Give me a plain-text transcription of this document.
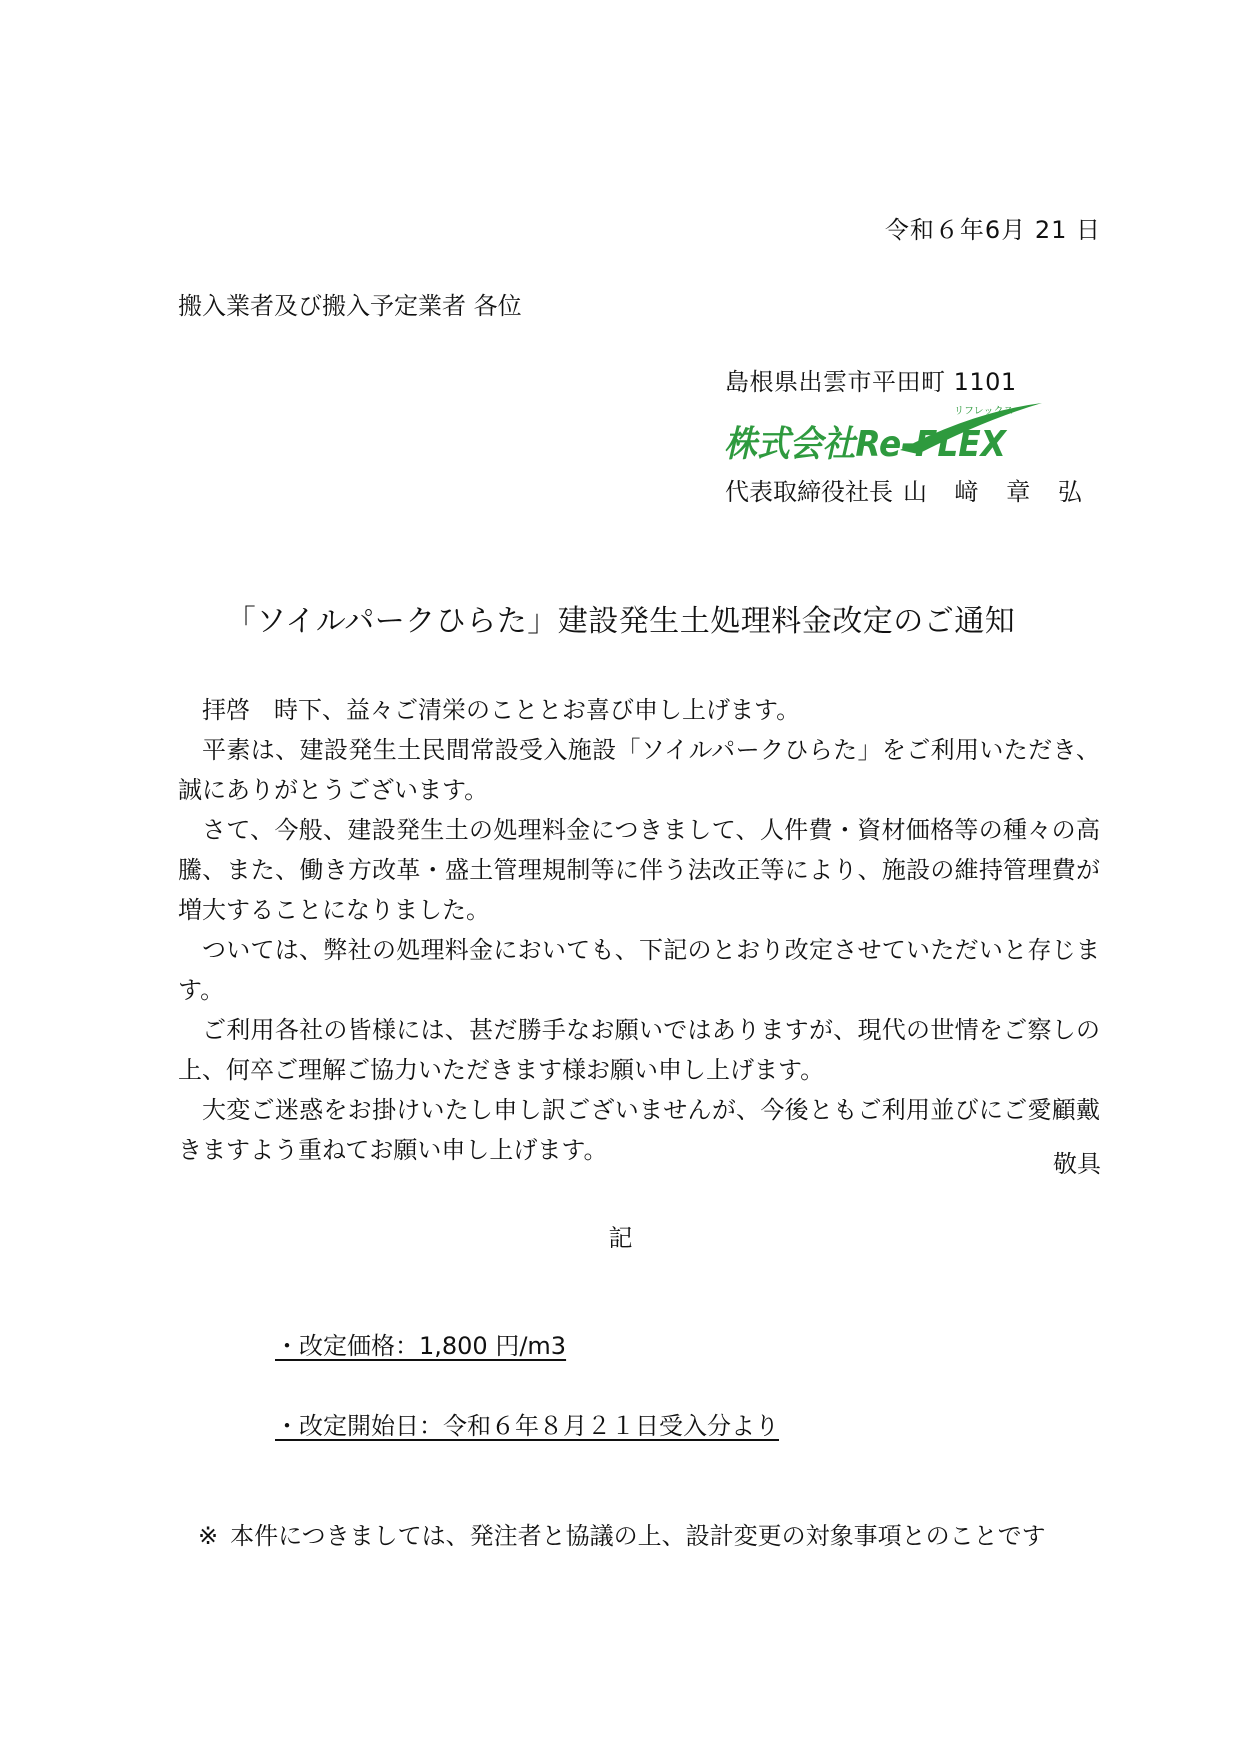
令和６年6月 21 日
搬入業者及び搬入予定業者 各位
島根県出雲市平田町 1101
リフレックス
株式会社Re-FLEX
代表取締役社長 山 﨑 章 弘
「ソイルパークひらた」建設発生土処理料金改定のご通知

拝啓　時下、益々ご清栄のこととお喜び申し上げます。

平素は、建設発生土民間常設受入施設「ソイルパークひらた」をご利用いただき、誠にありがとうございます。

さて、今般、建設発生土の処理料金につきまして、人件費・資材価格等の種々の高騰、また、働き方改革・盛土管理規制等に伴う法改正等により、施設の維持管理費が増大することになりました。

ついては、弊社の処理料金においても、下記のとおり改定させていただいと存じます。

ご利用各社の皆様には、甚だ勝手なお願いではありますが、現代の世情をご察しの上、何卒ご理解ご協力いただきます様お願い申し上げます。

大変ご迷惑をお掛けいたし申し訳ございませんが、今後ともご利用並びにご愛顧戴きますよう重ねてお願い申し上げます。	敬具
記
・改定価格：1,800 円/m3
・改定開始日：令和６年８月２１日受入分より
※ 本件につきましては、発注者と協議の上、設計変更の対象事項とのことです
